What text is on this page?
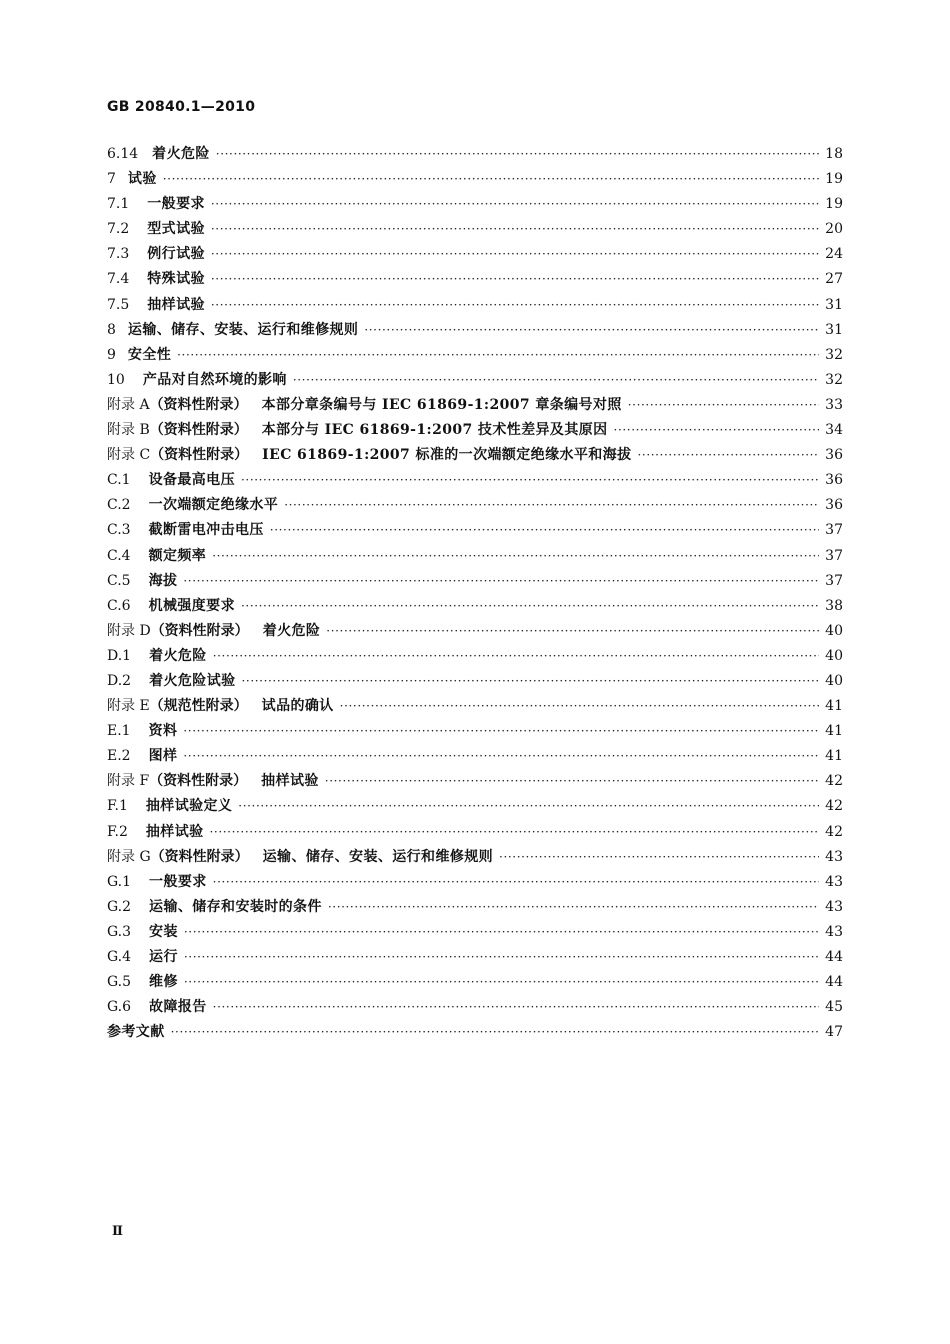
GB 20840.1—2010
6.14 着火危险 ·····	18
7 试验 ·····	19
7.1 一般要求 ·····	19
7.2 型式试验 ·····	20
7.3 例行试验 ·····	24
7.4 特殊试验 ·····	27
7.5 抽样试验 ·····	31
8 运输、储存、安装、运行和维修规则 ·····	31
9 安全性 ·····	32
10 产品对自然环境的影响 ·····	32
附录 A （资料性附录） 本部分章条编号与 IEC 61869-1:2007 章条编号对照 ·····	33
附录 B （资料性附录） 本部分与 IEC 61869-1:2007 技术性差异及其原因 ·····	34
附录 C （资料性附录） IEC 61869-1:2007 标准的一次端额定绝缘水平和海拔 ·····	36
C.1 设备最高电压 ·····	36
C.2 一次端额定绝缘水平 ·····	36
C.3 截断雷电冲击电压 ·····	37
C.4 额定频率 ·····	37
C.5 海拔 ·····	37
C.6 机械强度要求 ·····	38
附录 D （资料性附录） 着火危险 ·····	40
D.1 着火危险 ·····	40
D.2 着火危险试验 ·····	40
附录 E （规范性附录） 试品的确认 ·····	41
E.1 资料 ·····	41
E.2 图样 ·····	41
附录 F （资料性附录） 抽样试验 ·····	42
F.1 抽样试验定义 ·····	42
F.2 抽样试验 ·····	42
附录 G （资料性附录） 运输、储存、安装、运行和维修规则 ·····	43
G.1 一般要求 ·····	43
G.2 运输、储存和安装时的条件 ·····	43
G.3 安装 ·····	43
G.4 运行 ·····	44
G.5 维修 ·····	44
G.6 故障报告 ·····	45
参考文献 ·····	47
Ⅱ
